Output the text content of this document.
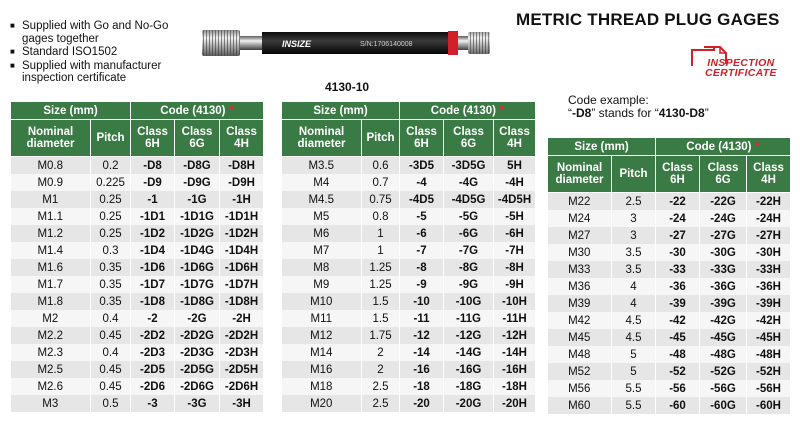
■ Supplied with Go and No-Go gages together
■ Standard ISO1502
■ Supplied with manufacturer inspection certificate
INSIZE	S/N:1706140008
4130-10
METRIC THREAD PLUG GAGES
INSPECTION
CERTIFICATE
Code example:
“-D8” stands for “4130-D8”
Size (mm)		Code (4130) *		
Nominal diameter	Pitch	Class 6H	Class 6G	Class 4H
M0.8	0.2	-D8	-D8G	-D8H
M0.9	0.225	-D9	-D9G	-D9H
M1	0.25	-1	-1G	-1H
M1.1	0.25	-1D1	-1D1G	-1D1H
M1.2	0.25	-1D2	-1D2G	-1D2H
M1.4	0.3	-1D4	-1D4G	-1D4H
M1.6	0.35	-1D6	-1D6G	-1D6H
M1.7	0.35	-1D7	-1D7G	-1D7H
M1.8	0.35	-1D8	-1D8G	-1D8H
M2	0.4	-2	-2G	-2H
M2.2	0.45	-2D2	-2D2G	-2D2H
M2.3	0.4	-2D3	-2D3G	-2D3H
M2.5	0.45	-2D5	-2D5G	-2D5H
M2.6	0.45	-2D6	-2D6G	-2D6H
M3	0.5	-3	-3G	-3H
Size (mm)		Code (4130) *		
Nominal diameter	Pitch	Class 6H	Class 6G	Class 4H
M3.5	0.6	-3D5	-3D5G	5H
M4	0.7	-4	-4G	-4H
M4.5	0.75	-4D5	-4D5G	-4D5H
M5	0.8	-5	-5G	-5H
M6	1	-6	-6G	-6H
M7	1	-7	-7G	-7H
M8	1.25	-8	-8G	-8H
M9	1.25	-9	-9G	-9H
M10	1.5	-10	-10G	-10H
M11	1.5	-11	-11G	-11H
M12	1.75	-12	-12G	-12H
M14	2	-14	-14G	-14H
M16	2	-16	-16G	-16H
M18	2.5	-18	-18G	-18H
M20	2.5	-20	-20G	-20H
Size (mm)		Code (4130) *		
Nominal diameter	Pitch	Class 6H	Class 6G	Class 4H
M22	2.5	-22	-22G	-22H
M24	3	-24	-24G	-24H
M27	3	-27	-27G	-27H
M30	3.5	-30	-30G	-30H
M33	3.5	-33	-33G	-33H
M36	4	-36	-36G	-36H
M39	4	-39	-39G	-39H
M42	4.5	-42	-42G	-42H
M45	4.5	-45	-45G	-45H
M48	5	-48	-48G	-48H
M52	5	-52	-52G	-52H
M56	5.5	-56	-56G	-56H
M60	5.5	-60	-60G	-60H
